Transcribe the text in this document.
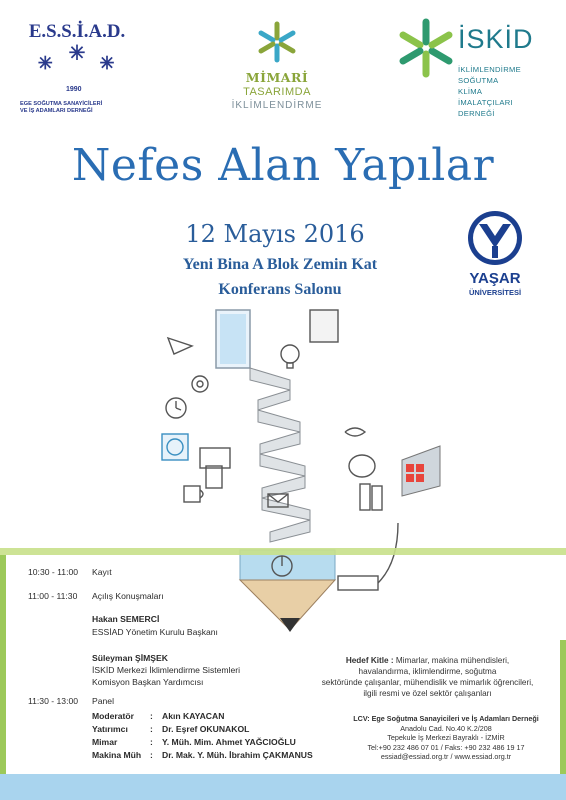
E.S.S.İ.A.D.
1990
EGE SOĞUTMA SANAYİCİLERİ
VE İŞ ADAMLARI DERNEĞİ
MİMARİ
TASARIMDA
İKLİMLENDİRME
İSKİD
İKLİMLENDİRME
SOĞUTMA
KLİMA
İMALATÇILARI
DERNEĞİ
Nefes Alan Yapılar
12 Mayıs 2016
Yeni Bina A Blok Zemin Kat
Konferans Salonu
YAŞAR
ÜNİVERSİTESİ
10:30 - 11:00 Kayıt
11:00 - 11:30 Açılış Konuşmaları
Hakan SEMERCİ
ESSİAD Yönetim Kurulu Başkanı
Süleyman ŞİMŞEK
İSKİD Merkezi İklimlendirme Sistemleri
Komisyon Başkan Yardımcısı
11:30 - 13:00 Panel
Moderatör : Akın KAYACAN
Yatırımcı	: Dr. Eşref OKUNAKOL
Mimar	: Y. Müh. Mim. Ahmet YAĞCIOĞLU
Makina Müh : Dr. Mak. Y. Müh. İbrahim ÇAKMANUS
Hedef Kitle : Mimarlar, makina mühendisleri,
havalandırma, iklimlendirme, soğutma
sektöründe çalışanlar, mühendislik ve mimarlık öğrencileri,
ilgili resmi ve özel sektör çalışanları
LCV: Ege Soğutma Sanayicileri ve İş Adamları Derneği
Anadolu Cad. No.40 K.2/208
Tepekule İş Merkezi Bayraklı - İZMİR
Tel:+90 232 486 07 01 / Faks: +90 232 486 19 17
essiad@essiad.org.tr / www.essiad.org.tr
